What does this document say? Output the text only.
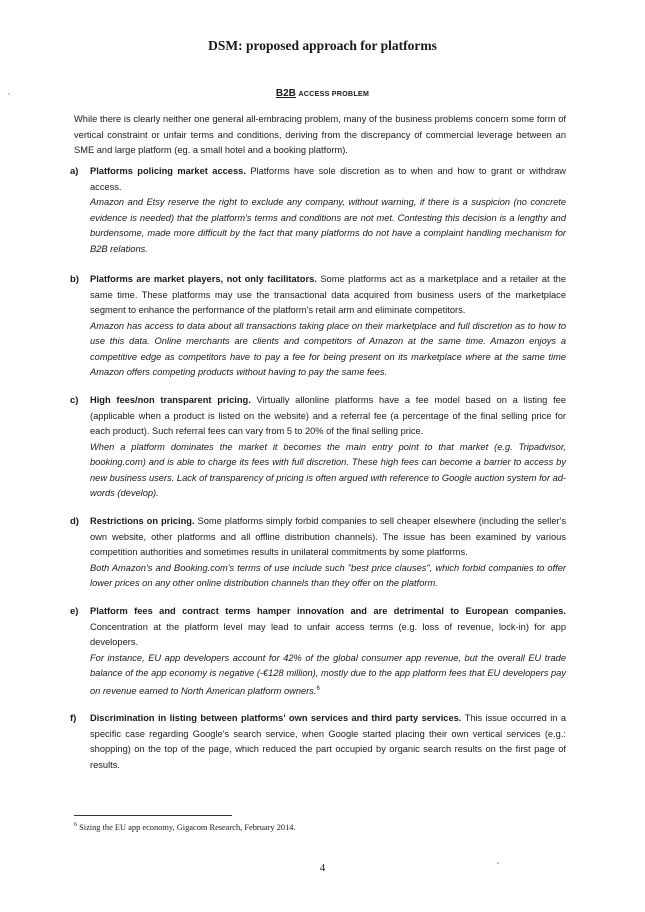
DSM: proposed approach for platforms
B2B ACCESS PROBLEM

While there is clearly neither one general all-embracing problem, many of the business problems concern some form of vertical constraint or unfair terms and conditions, deriving from the discrepancy of commercial leverage between an SME and large platform (eg. a small hotel and a booking platform).

a) Platforms policing market access. Platforms have sole discretion as to when and how to grant or withdraw access.
Amazon and Etsy reserve the right to exclude any company, without warning, if there is a suspicion (no concrete evidence is needed) that the platform's terms and conditions are not met. Contesting this decision is a lengthy and burdensome, made more difficult by the fact that many platforms do not have a complaint handling mechanism for B2B relations.
b) Platforms are market players, not only facilitators. Some platforms act as a marketplace and a retailer at the same time. These platforms may use the transactional data acquired from business users of the marketplace segment to enhance the performance of the platform's retail arm and eliminate competitors.
Amazon has access to data about all transactions taking place on their marketplace and full discretion as to how to use this data. Online merchants are clients and competitors of Amazon at the same time. Amazon enjoys a competitive edge as competitors have to pay a fee for being present on its marketplace where at the same time Amazon offers competing products without having to pay the same fees.
c) High fees/non transparent pricing. Virtually allonline platforms have a fee model based on a listing fee (applicable when a product is listed on the website) and a referral fee (a percentage of the final selling price for each product). Such referral fees can vary from 5 to 20% of the final selling price.
When a platform dominates the market it becomes the main entry point to that market (e.g. Tripadvisor, booking.com) and is able to charge its fees with full discretion. These high fees can become a barrier to access by new business users. Lack of transparency of pricing is often argued with reference to Google auction system for ad-words (develop).
d) Restrictions on pricing. Some platforms simply forbid companies to sell cheaper elsewhere (including the seller's own website, other platforms and all offline distribution channels). The issue has been examined by various competition authorities and sometimes results in unilateral commitments by some platforms.
Both Amazon's and Booking.com's terms of use include such "best price clauses", which forbid companies to offer lower prices on any other online distribution channels than they offer on the platform.
e) Platform fees and contract terms hamper innovation and are detrimental to European companies. Concentration at the platform level may lead to unfair access terms (e.g. loss of revenue, lock-in) for app developers.
For instance, EU app developers account for 42% of the global consumer app revenue, but the overall EU trade balance of the app economy is negative (-€128 million), mostly due to the app platform fees that EU developers pay on revenue earned to North American platform owners.$^6$
f) Discrimination in listing between platforms' own services and third party services. This issue occurred in a specific case regarding Google's search service, when Google started placing their own vertical services (e.g.: shopping) on the top of the page, which reduced the part occupied by organic search results on the first page of results.
$^6$ Sizing the EU app economy, Gigacom Research, February 2014.
4
